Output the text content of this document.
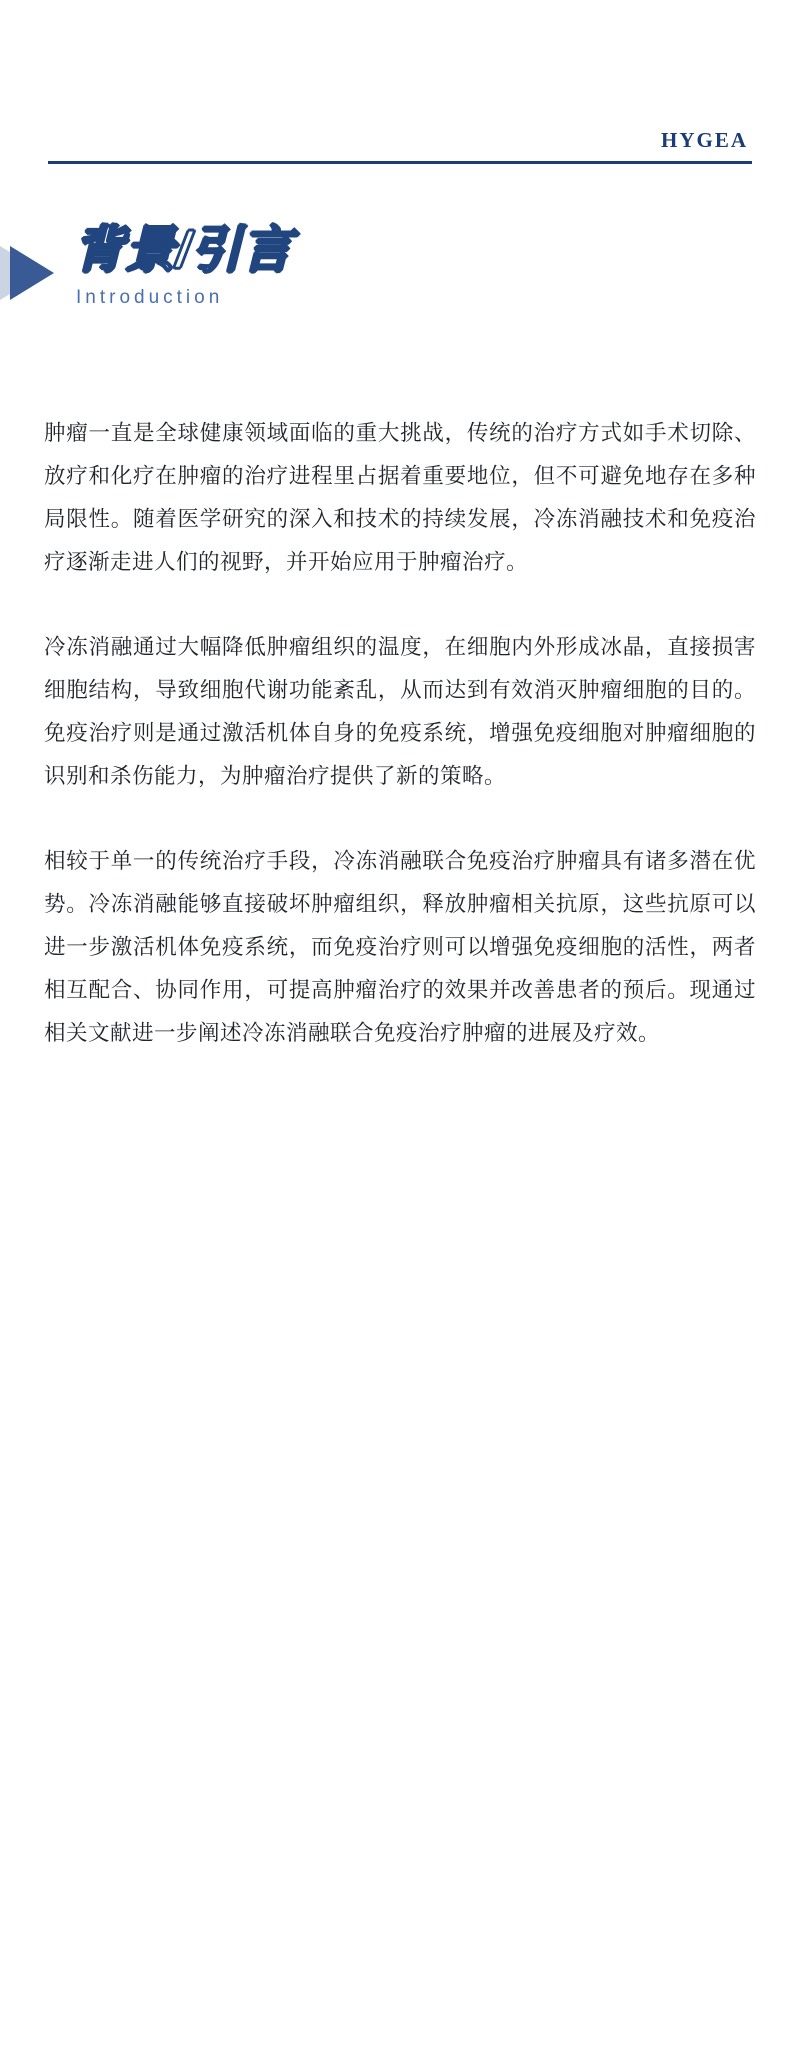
HYGEA
背景/引言
Introduction

肿瘤一直是全球健康领域面临的重大挑战，传统的治疗方式如手术切除、放疗和化疗在肿瘤的治疗进程里占据着重要地位，但不可避免地存在多种局限性。随着医学研究的深入和技术的持续发展，冷冻消融技术和免疫治疗逐渐走进人们的视野，并开始应用于肿瘤治疗。

冷冻消融通过大幅降低肿瘤组织的温度，在细胞内外形成冰晶，直接损害细胞结构，导致细胞代谢功能紊乱，从而达到有效消灭肿瘤细胞的目的。免疫治疗则是通过激活机体自身的免疫系统，增强免疫细胞对肿瘤细胞的识别和杀伤能力，为肿瘤治疗提供了新的策略。

相较于单一的传统治疗手段，冷冻消融联合免疫治疗肿瘤具有诸多潜在优势。冷冻消融能够直接破坏肿瘤组织，释放肿瘤相关抗原，这些抗原可以进一步激活机体免疫系统，而免疫治疗则可以增强免疫细胞的活性，两者相互配合、协同作用，可提高肿瘤治疗的效果并改善患者的预后。现通过相关文献进一步阐述冷冻消融联合免疫治疗肿瘤的进展及疗效。
